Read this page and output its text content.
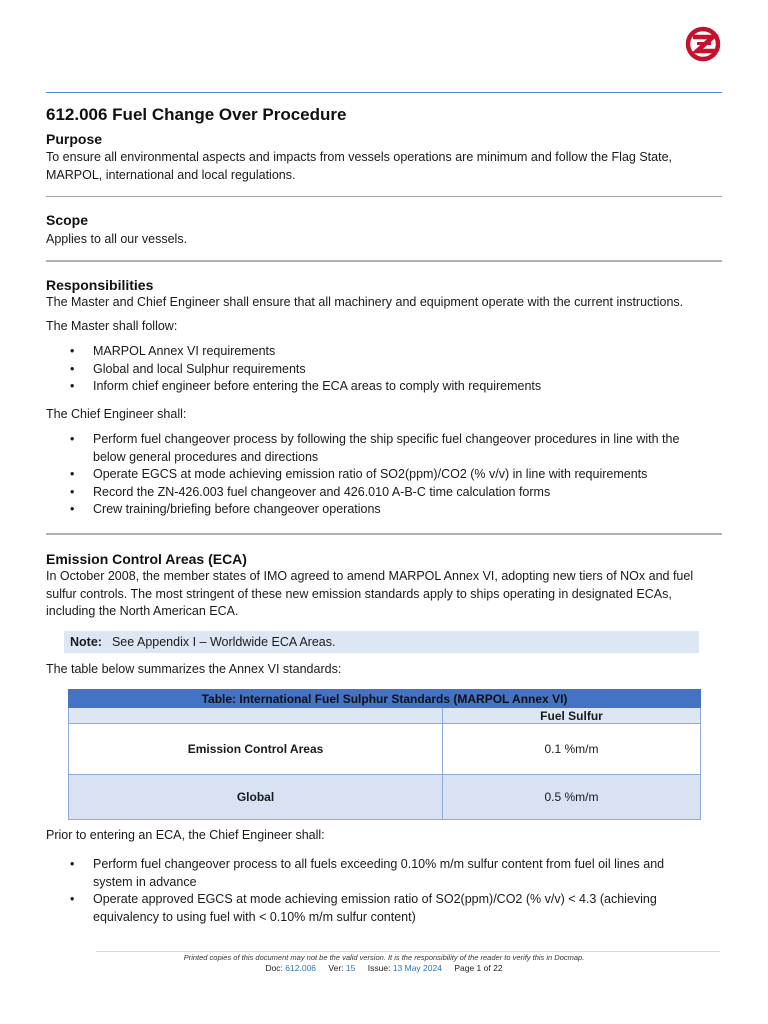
612.006 Fuel Change Over Procedure
Purpose
To ensure all environmental aspects and impacts from vessels operations are minimum and follow the Flag State,
MARPOL, international and local regulations.
Scope
Applies to all our vessels.
Responsibilities
The Master and Chief Engineer shall ensure that all machinery and equipment operate with the current instructions.
The Master shall follow:
• MARPOL Annex VI requirements
• Global and local Sulphur requirements
• Inform chief engineer before entering the ECA areas to comply with requirements
The Chief Engineer shall:
• Perform fuel changeover process by following the ship specific fuel changeover procedures in line with the
below general procedures and directions
• Operate EGCS at mode achieving emission ratio of SO2(ppm)/CO2 (% v/v) in line with requirements
• Record the ZN-426.003 fuel changeover and 426.010 A-B-C time calculation forms
• Crew training/briefing before changeover operations
Emission Control Areas (ECA)
In October 2008, the member states of IMO agreed to amend MARPOL Annex VI, adopting new tiers of NOx and fuel
sulfur controls. The most stringent of these new emission standards apply to ships operating in designated ECAs,
including the North American ECA.
Note: See Appendix I – Worldwide ECA Areas.
The table below summarizes the Annex VI standards:
Table: International Fuel Sulphur Standards (MARPOL Annex VI)	
	Fuel Sulfur
Emission Control Areas	0.1 %m/m
Global	0.5 %m/m
Prior to entering an ECA, the Chief Engineer shall:
• Perform fuel changeover process to all fuels exceeding 0.10% m/m sulfur content from fuel oil lines and
system in advance
• Operate approved EGCS at mode achieving emission ratio of SO2(ppm)/CO2 (% v/v) < 4.3 (achieving
equivalency to using fuel with < 0.10% m/m sulfur content)
Printed copies of this document may not be the valid version. It is the responsibility of the reader to verify this in Docmap.
Doc: 612.006 Ver: 15 Issue: 13 May 2024 Page 1 of 22
